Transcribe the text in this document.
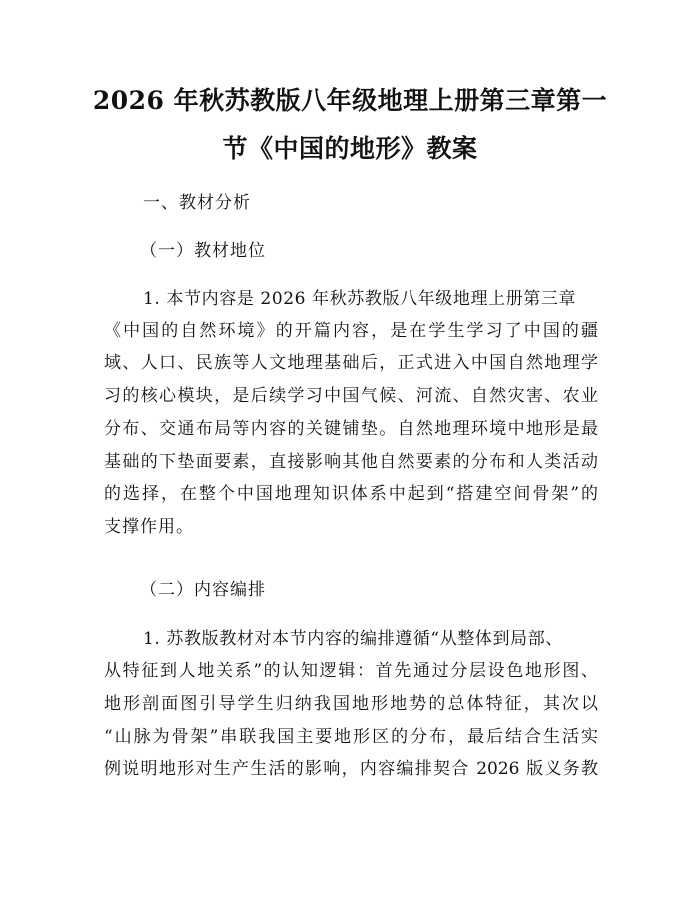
2026 年秋苏教版八年级地理上册第三章第一
节《中国的地形》教案
一、教材分析
（一）教材地位
1. 本节内容是 2026 年秋苏教版八年级地理上册第三章
《中国的自然环境》的开篇内容，是在学生学习了中国的疆
域、人口、民族等人文地理基础后，正式进入中国自然地理学
习的核心模块，是后续学习中国气候、河流、自然灾害、农业
分布、交通布局等内容的关键铺垫。自然地理环境中地形是最
基础的下垫面要素，直接影响其他自然要素的分布和人类活动
的选择，在整个中国地理知识体系中起到“搭建空间骨架”的
支撑作用。
（二）内容编排
1. 苏教版教材对本节内容的编排遵循“从整体到局部、
从特征到人地关系”的认知逻辑：首先通过分层设色地形图、
地形剖面图引导学生归纳我国地形地势的总体特征，其次以
“山脉为骨架”串联我国主要地形区的分布，最后结合生活实
例说明地形对生产生活的影响，内容编排契合 2026 版义务教
